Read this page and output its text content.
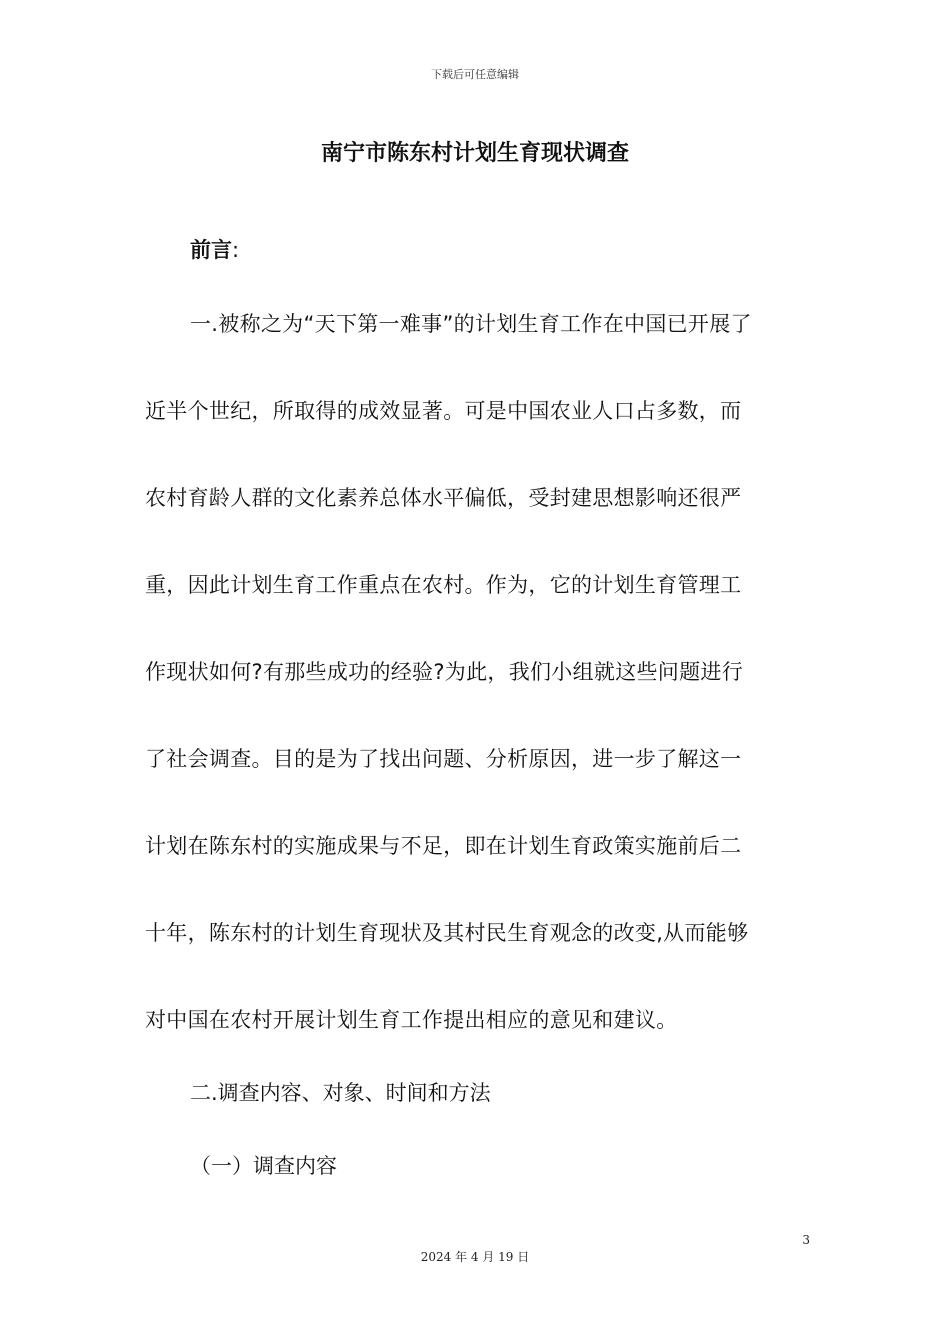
下载后可任意编辑
南宁市陈东村计划生育现状调查
前言:
一.被称之为“天下第一难事”的计划生育工作在中国已开展了
近半个世纪，所取得的成效显著。可是中国农业人口占多数，而
农村育龄人群的文化素养总体水平偏低，受封建思想影响还很严
重，因此计划生育工作重点在农村。作为，它的计划生育管理工
作现状如何?有那些成功的经验?为此，我们小组就这些问题进行
了社会调查。目的是为了找出问题、分析原因，进一步了解这一
计划在陈东村的实施成果与不足，即在计划生育政策实施前后二
十年，陈东村的计划生育现状及其村民生育观念的改变,从而能够
对中国在农村开展计划生育工作提出相应的意见和建议。
二.调查内容、对象、时间和方法
（一）调查内容
3
2024 年 4 月 19 日
